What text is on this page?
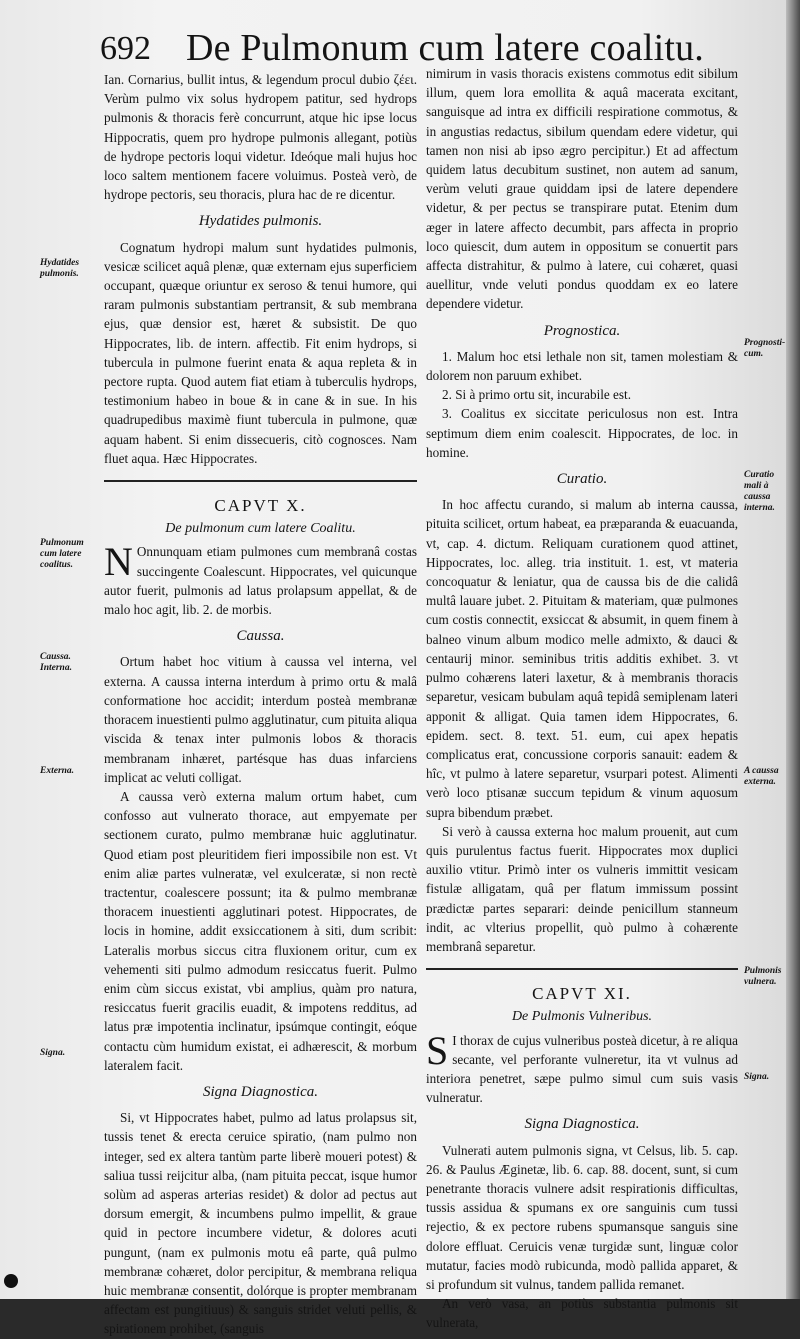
692 De Pulmonum cum latere coalitu.

Ian. Cornarius, bullit intus, & legendum procul dubio ζέει. Verùm pulmo vix solus hydropem patitur, sed hydrops pulmonis & thoracis ferè concurrunt, atque hic ipse locus Hippocratis, quem pro hydrope pulmonis allegant, potiùs de hydrope pectoris loqui videtur. Ideóque mali hujus hoc loco saltem mentionem facere voluimus. Posteà verò, de hydrope pectoris, seu thoracis, plura hac de re dicentur.

Hydatides pulmonis.

Cognatum hydropi malum sunt hydatides pulmonis, vesicæ scilicet aquâ plenæ, quæ externam ejus superficiem occupant, quæque oriuntur ex seroso & tenui humore, qui raram pulmonis substantiam pertransit, & sub membrana ejus, quæ densior est, hæret & subsistit. De quo Hippocrates, lib. de intern. affectib. Fit enim hydrops, si tubercula in pulmone fuerint enata & aqua repleta & in pectore rupta. Quod autem fiat etiam à tuberculis hydrops, testimonium habeo in boue & in cane & in sue. In his quadrupedibus maximè fiunt tubercula in pulmone, quæ aquam habent. Si enim dissecueris, citò cognosces. Nam fluet aqua. Hæc Hippocrates.

CAPVT X.
De pulmonum cum latere Coalitu.

N Onnunquam etiam pulmones cum membranâ costas succingente Coalescunt. Hippocrates, vel quicunque autor fuerit, pulmonis ad latus prolapsum appellat, & de malo hoc agit, lib. 2. de morbis.

Caussa.

Ortum habet hoc vitium à caussa vel interna, vel externa. A caussa interna interdum à primo ortu & malâ conformatione hoc accidit; interdum posteà membranæ thoracem inuestienti pulmo agglutinatur, cum pituita aliqua viscida & tenax inter pulmonis lobos & thoracis membranam inhæret, partésque has duas infarciens implicat ac veluti colligat.

A caussa verò externa malum ortum habet, cum confosso aut vulnerato thorace, aut empyemate per sectionem curato, pulmo membranæ huic agglutinatur. Quod etiam post pleuritidem fieri impossibile non est. Vt enim aliæ partes vulneratæ, vel exulceratæ, si non rectè tractentur, coalescere possunt; ita & pulmo membranæ thoracem inuestienti agglutinari potest. Hippocrates, de locis in homine, addit exsiccationem à siti, dum scribit: Lateralis morbus siccus citra fluxionem oritur, cum ex vehementi siti pulmo admodum resiccatus fuerit. Pulmo enim cùm siccus existat, vbi amplius, quàm pro natura, resiccatus fuerit gracilis euadit, & impotens redditus, ad latus præ impotentia inclinatur, ipsúmque contingit, eóque contactu cùm humidum existat, ei adhærescit, & morbum lateralem facit.

Signa Diagnostica.

Si, vt Hippocrates habet, pulmo ad latus prolapsus sit, tussis tenet & erecta ceruice spiratio, (nam pulmo non integer, sed ex altera tantùm parte liberè moueri potest) & saliua tussi reijcitur alba, (nam pituita peccat, isque humor solùm ad asperas arterias residet) & dolor ad pectus aut dorsum emergit, & incumbens pulmo impellit, & graue quid in pectore incumbere videtur, & dolores acuti pungunt, (nam ex pulmonis motu eâ parte, quâ pulmo membranæ cohæret, dolor percipitur, & membrana reliqua huic membranæ consentit, dolórque is propter membranam affectam est pungitiuus) & sanguis stridet veluti pellis, & spirationem prohibet, (sanguis

nimirum in vasis thoracis existens commotus edit sibilum illum, quem lora emollita & aquâ macerata excitant, sanguisque ad intra ex difficili respiratione commotus, & in angustias redactus, sibilum quendam edere videtur, qui tamen non nisi ab ipso ægro percipitur.) Et ad affectum quidem latus decubitum sustinet, non autem ad sanum, verùm veluti graue quiddam ipsi de latere dependere videtur, & per pectus se transpirare putat. Etenim dum æger in latere affecto decumbit, pars affecta in proprio loco quiescit, dum autem in oppositum se conuertit pars affecta distrahitur, & pulmo à latere, cui cohæret, quasi auellitur, vnde veluti pondus quoddam ex eo latere dependere videtur.

Prognostica.

1. Malum hoc etsi lethale non sit, tamen molestiam & dolorem non paruum exhibet.

2. Si à primo ortu sit, incurabile est.

3. Coalitus ex siccitate periculosus non est. Intra septimum diem enim coalescit. Hippocrates, de loc. in homine.

Curatio.

In hoc affectu curando, si malum ab interna caussa, pituita scilicet, ortum habeat, ea præparanda & euacuanda, vt, cap. 4. dictum. Reliquam curationem quod attinet, Hippocrates, loc. alleg. tria instituit. 1. est, vt materia concoquatur & leniatur, qua de caussa bis de die calidâ multâ lauare jubet. 2. Pituitam & materiam, quæ pulmones cum costis connectit, exsiccat & absumit, in quem finem à balneo vinum album modico melle admixto, & dauci & centaurij minor. seminibus tritis additis exhibet. 3. vt pulmo cohærens lateri laxetur, & à membranis thoracis separetur, vesicam bubulam aquâ tepidâ semiplenam lateri apponit & alligat. Quia tamen idem Hippocrates, 6. epidem. sect. 8. text. 51. eum, cui apex hepatis complicatus erat, concussione corporis sanauit: eadem & hîc, vt pulmo à latere separetur, vsurpari potest. Alimenti verò loco ptisanæ succum tepidum & vinum aquosum supra bibendum præbet.

Si verò à caussa externa hoc malum prouenit, aut cum quis purulentus factus fuerit. Hippocrates mox duplici auxilio vtitur. Primò inter os vulneris immittit vesicam fistulæ alligatam, quâ per flatum immissum possint prædictæ partes separari: deinde penicillum stanneum indit, ac vlterius propellit, quò pulmo à cohærente membranâ separetur.

CAPVT XI.
De Pulmonis Vulneribus.

S I thorax de cujus vulneribus posteà dicetur, à re aliqua secante, vel perforante vulneretur, ita vt vulnus ad interiora penetret, sæpe pulmo simul cum suis vasis vulneratur.

Signa Diagnostica.

Vulnerati autem pulmonis signa, vt Celsus, lib. 5. cap. 26. & Paulus Æginetæ, lib. 6. cap. 88. docent, sunt, si cum penetrante thoracis vulnere adsit respirationis difficultas, tussis assidua & spumans ex ore sanguinis cum tussi rejectio, & ex pectore rubens spumansque sanguis sine dolore effluat. Ceruicis venæ turgidæ sunt, linguæ color mutatur, facies modò rubicunda, modò pallida apparet, & si profundum sit vulnus, tandem pallida remanet.

An verò vasa, an potiùs substantia pulmonis sit vulnerata,

Hydatides pulmonis.
Pulmonum cum latere coalitus.
Caussa. Interna.
Externa.
Signa.
Prognosti-cum.
Curatio mali à caussa interna.
A caussa externa.
Pulmonis vulnera.
Signa.
